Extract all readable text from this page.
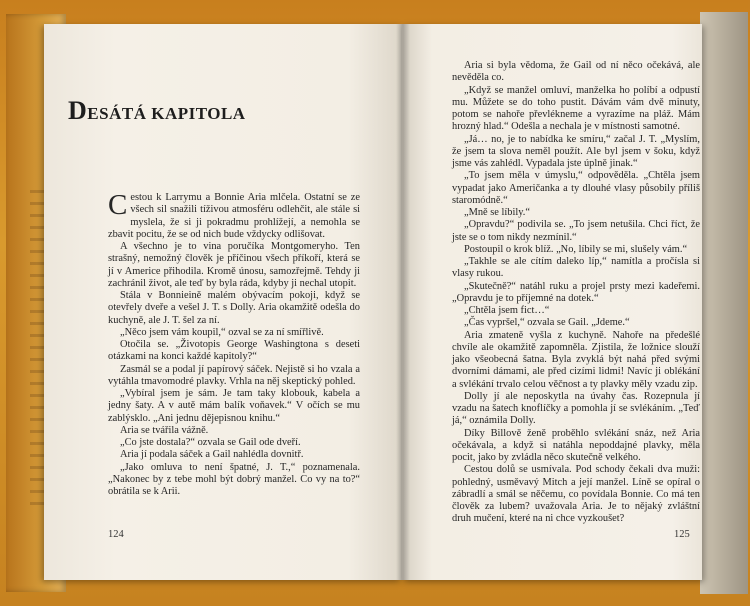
DESÁTÁ KAPITOLA

Cestou k Larrymu a Bonnie Aria mlčela. Ostatní se ze všech sil snažili tíživou atmosféru odlehčit, ale stále si myslela, že si ji pokradmu prohlížejí, a nemohla se zbavit pocitu, že se od nich bude vždycky odlišovat.

A všechno je to vina poručíka Montgomeryho. Ten strašný, nemožný člověk je příčinou všech příkoří, která se jí v Americe přihodila. Kromě únosu, samozřejmě. Tehdy ji zachránil život, ale teď by byla ráda, kdyby ji nechal utopit.

Stála v Bonnieině malém obývacím pokoji, když se otevřely dveře a vešel J. T. s Dolly. Aria okamžitě odešla do kuchyně, ale J. T. šel za ní.

„Něco jsem vám koupil,“ ozval se za ní smířlivě.

Otočila se. „Životopis George Washingtona s deseti otázkami na konci každé kapitoly?“

Zasmál se a podal jí papírový sáček. Nejistě si ho vzala a vytáhla tmavomodré plavky. Vrhla na něj skeptický pohled.

„Vybíral jsem je sám. Je tam taky klobouk, kabela a jedny šaty. A v autě mám balík voňavek.“ V očích se mu zablýsklo. „Ani jednu dějepisnou knihu.“

Aria se tvářila vážně.

„Co jste dostala?“ ozvala se Gail ode dveří.

Aria jí podala sáček a Gail nahlédla dovnitř.

„Jako omluva to není špatné, J. T.,“ poznamenala. „Nakonec by z tebe mohl být dobrý manžel. Co vy na to?“ obrátila se k Arii.

124

Aria si byla vědoma, že Gail od ní něco očekává, ale nevěděla co.

„Když se manžel omluví, manželka ho políbí a odpustí mu. Můžete se do toho pustit. Dávám vám dvě minuty, potom se nahoře převlékneme a vyrazíme na pláž. Mám hrozný hlad.“ Odešla a nechala je v místnosti samotné.

„Já… no, je to nabídka ke smíru,“ začal J. T. „Myslím, že jsem ta slova neměl použít. Ale byl jsem v šoku, když jsme vás zahlédl. Vypadala jste úplně jinak.“

„To jsem měla v úmyslu,“ odpověděla. „Chtěla jsem vypadat jako Američanka a ty dlouhé vlasy působily příliš staromódně.“

„Mně se líbily.“

„Opravdu?“ podivila se. „To jsem netušila. Chci říct, že jste se o tom nikdy nezmínil.“

Postoupil o krok blíž. „No, líbily se mi, slušely vám.“

„Takhle se ale cítím daleko líp,“ namítla a pročísla si vlasy rukou.

„Skutečně?“ natáhl ruku a projel prsty mezi kadeřemi. „Opravdu je to příjemné na dotek.“

„Chtěla jsem fict…“

„Čas vypršel,“ ozvala se Gail. „Jdeme.“

Aria zmateně vyšla z kuchyně. Nahoře na předešlé chvíle ale okamžitě zapomněla. Zjistila, že ložnice slouží jako všeobecná šatna. Byla zvyklá být nahá před svými dvorními dámami, ale před cizími lidmi! Navíc ji oblékání a svlékání trvalo celou věčnost a ty plavky měly vzadu zip.

Dolly jí ale neposkytla na úvahy čas. Rozepnula jí vzadu na šatech knoflíčky a pomohla jí se svlékáním. „Teď já,“ oznámila Dolly.

Díky Billově ženě proběhlo svlékání snáz, než Aria očekávala, a když si natáhla nepoddajné plavky, měla pocit, jako by zvládla něco skutečně velkého.

Cestou dolů se usmívala. Pod schody čekali dva muži: pohledný, usměvavý Mitch a její manžel. Líně se opíral o zábradlí a smál se něčemu, co povídala Bonnie. Co má ten člověk za lubem? uvažovala Aria. Je to nějaký zvláštní druh mučení, které na ni chce vyzkoušet?

125
